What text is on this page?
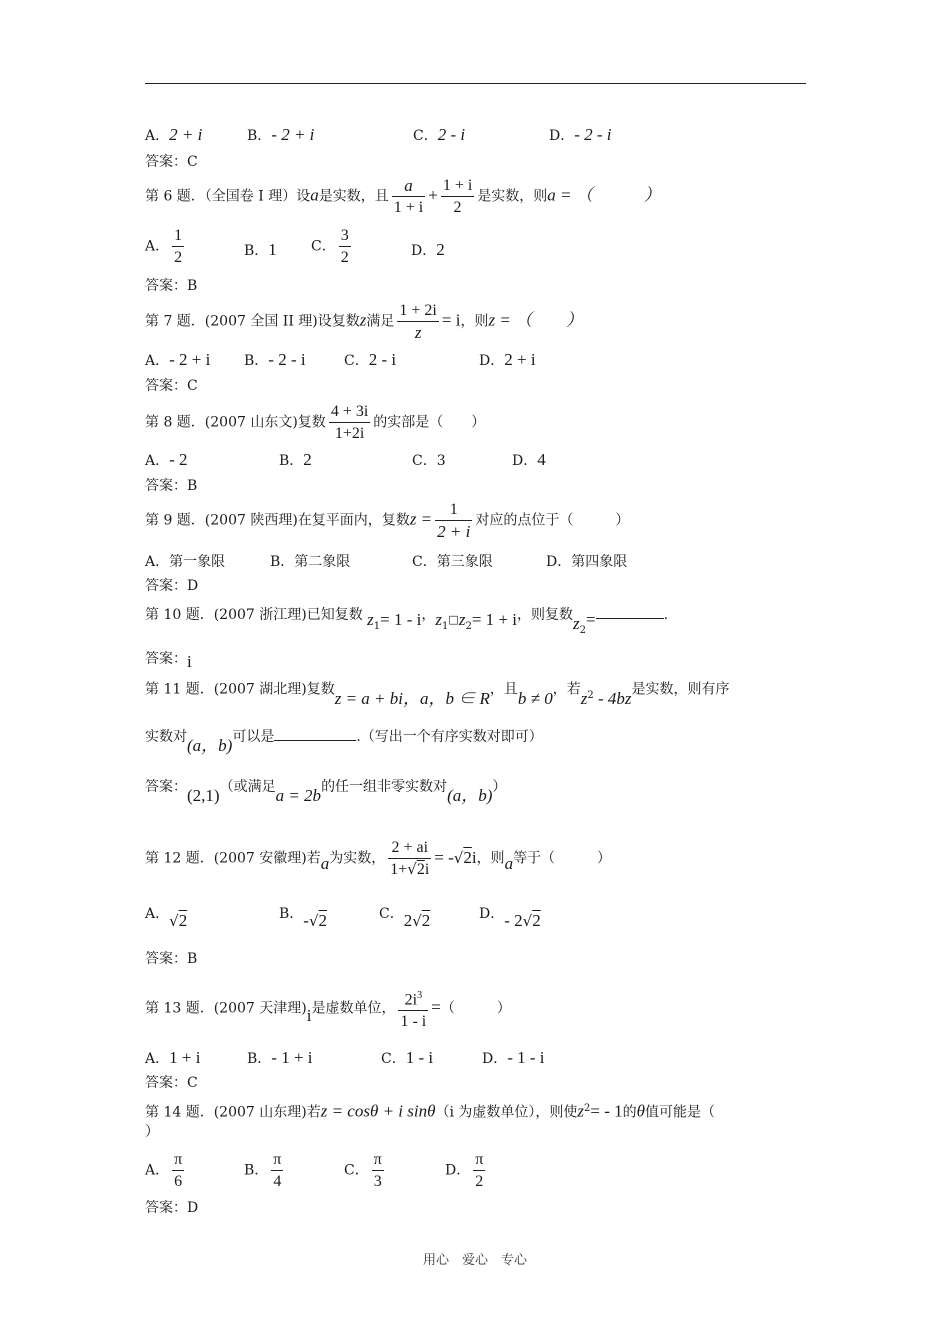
A．2 + i	B．- 2 + i	C．2 - i	D．- 2 - i
答案：C
第 6 题．（全国卷 I 理）设a是实数，且 $\frac{a}{1 + i} + \frac{1 + i}{2}$ 是实数，则a = （　　　）
A． $\frac{1}{2}$	B．1 C． $\frac{3}{2}$	D．2
答案：B
第 7 题．(2007 全国 II 理)设复数z满足 $\frac{1 + 2i}{z} = i$，则z = （　　）
A．- 2 + i B．- 2 - i	C．2 - i	D．2 + i
答案：C
第 8 题．(2007 山东文)复数 $\frac{4 + 3i}{1+2i}$ 的实部是（　　）
A．- 2	B．2	C．3	D．4
答案：B
第 9 题．(2007 陕西理)在复平面内，复数$z = \frac{1}{2 + i}$ 对应的点位于（　　　）
A．第一象限	B．第二象限	C．第三象限	D．第四象限
答案：D
第 10 题．(2007 浙江理)已知复数 $z_1= 1 - i$，$z_{1□}z_2= 1 + i$，则复数$z_2=$	.
答案：i
第 11 题．(2007 湖北理)复数z = a + bi，a，b ∈ R，且b ≠ 0，若$z^2 - 4bz$是实数，则有序
实数对(a，b)可以是	.（写出一个有序实数对即可）
答案：(2,1)（或满足a = 2b的任一组非零实数对(a，b)）
第 12 题．(2007 安徽理)若a为实数， $\frac{2 + ai}{1+√2i} = -√2i$，则a等于（　　　）
A．√2	B．-√2	C．2√2	D．- 2√2
答案：B
第 13 题．(2007 天津理)i是虚数单位， $\frac{2i^3}{1 - i}$ =（　　　）
A．1 + i	B．- 1 + i	C．1 - i	D．- 1 - i
答案：C
第 14 题．(2007 山东理)若z = cosθ + i sinθ（i 为虚数单位），则使$z^2= - 1$的θ值可能是（
）
A． $\frac{\pi}{6}$	B． $\frac{\pi}{4}$	C． $\frac{\pi}{3}$	D． $\frac{\pi}{2}$
答案：D
用心　爱心　专心
